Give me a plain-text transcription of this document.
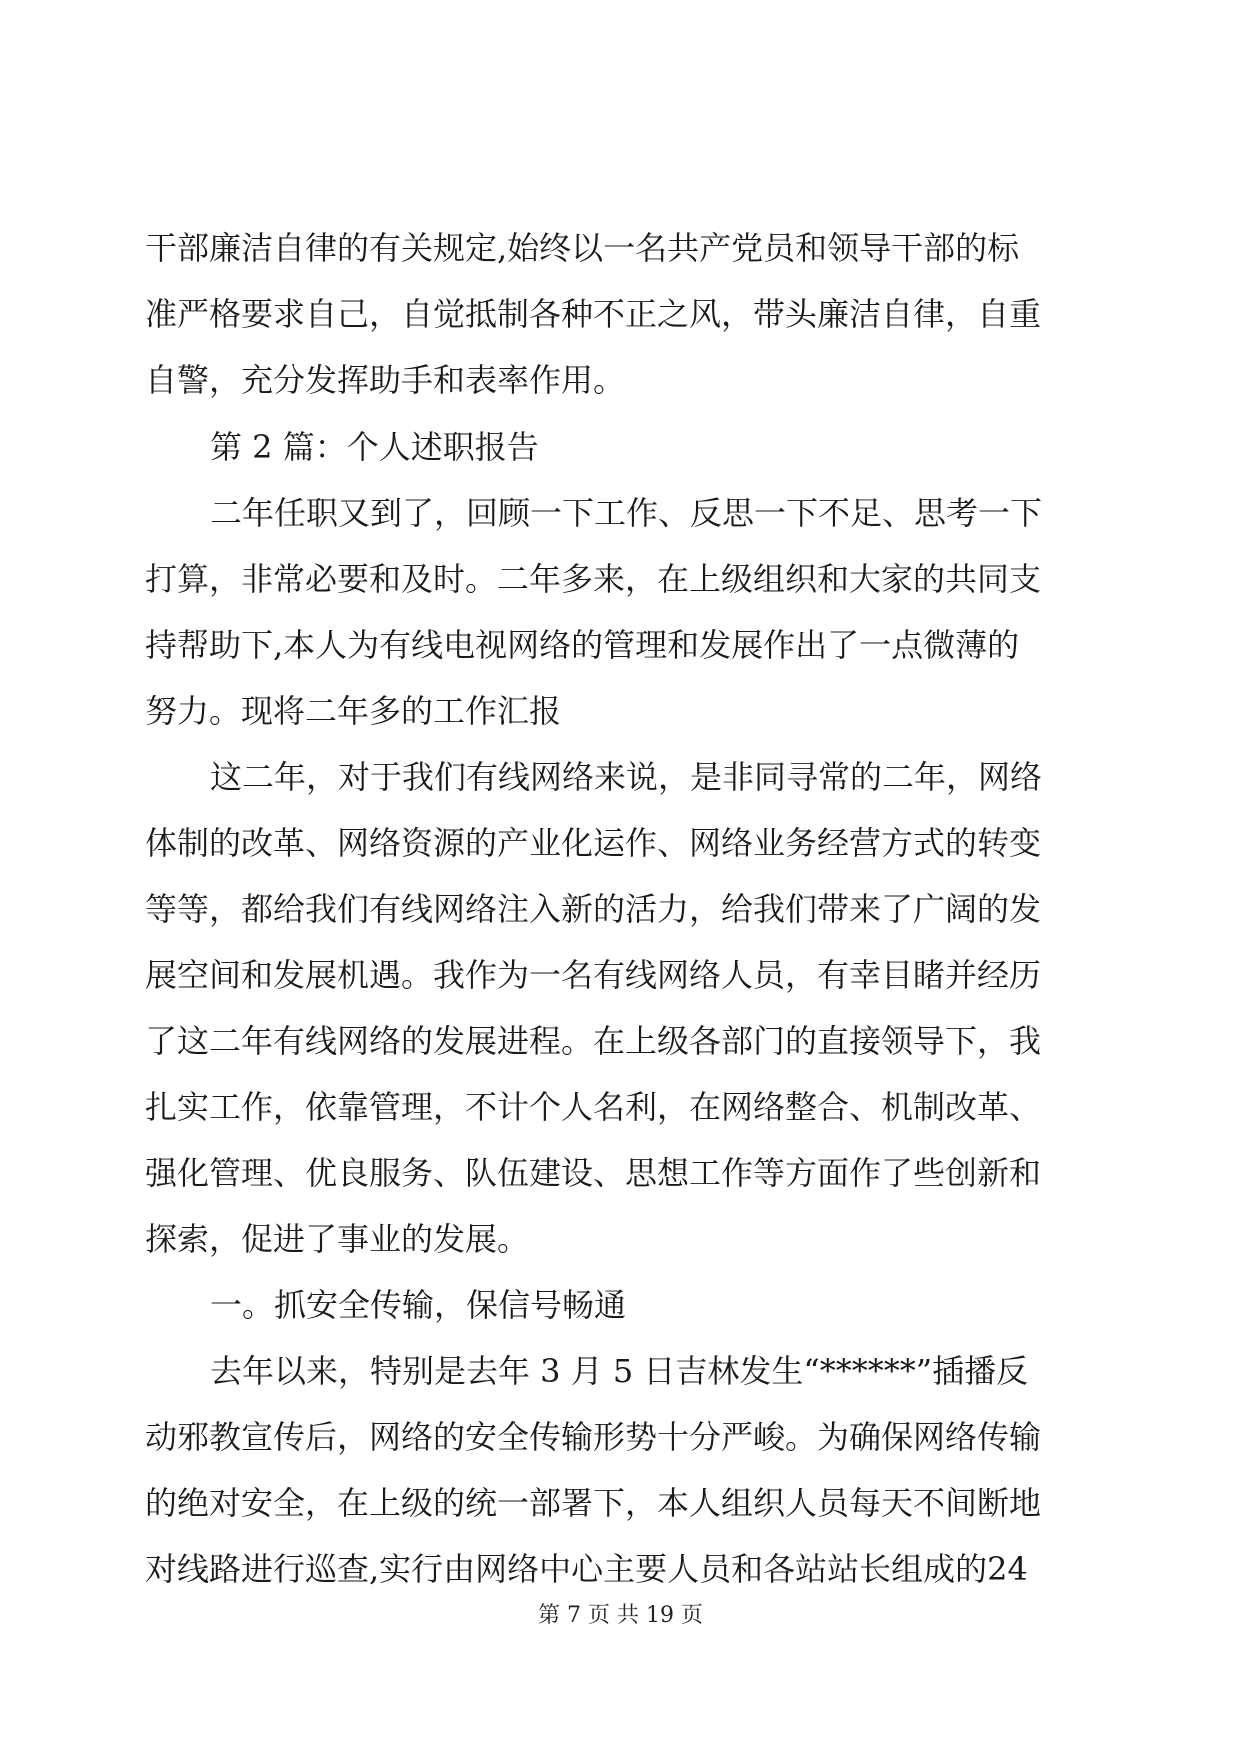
干部廉洁自律的有关规定,始终以一名共产党员和领导干部的标
准严格要求自己，自觉抵制各种不正之风，带头廉洁自律，自重
自警，充分发挥助手和表率作用。
第 2 篇：个人述职报告
二年任职又到了，回顾一下工作、反思一下不足、思考一下
打算，非常必要和及时。二年多来，在上级组织和大家的共同支
持帮助下,本人为有线电视网络的管理和发展作出了一点微薄的
努力。现将二年多的工作汇报
这二年，对于我们有线网络来说，是非同寻常的二年，网络
体制的改革、网络资源的产业化运作、网络业务经营方式的转变
等等，都给我们有线网络注入新的活力，给我们带来了广阔的发
展空间和发展机遇。我作为一名有线网络人员，有幸目睹并经历
了这二年有线网络的发展进程。在上级各部门的直接领导下，我
扎实工作，依靠管理，不计个人名利，在网络整合、机制改革、
强化管理、优良服务、队伍建设、思想工作等方面作了些创新和
探索，促进了事业的发展。
一。抓安全传输，保信号畅通
去年以来，特别是去年 3 月 5 日吉林发生“******”插播反
动邪教宣传后，网络的安全传输形势十分严峻。为确保网络传输
的绝对安全，在上级的统一部署下，本人组织人员每天不间断地
对线路进行巡查,实行由网络中心主要人员和各站站长组成的24
第 7 页 共 19 页
